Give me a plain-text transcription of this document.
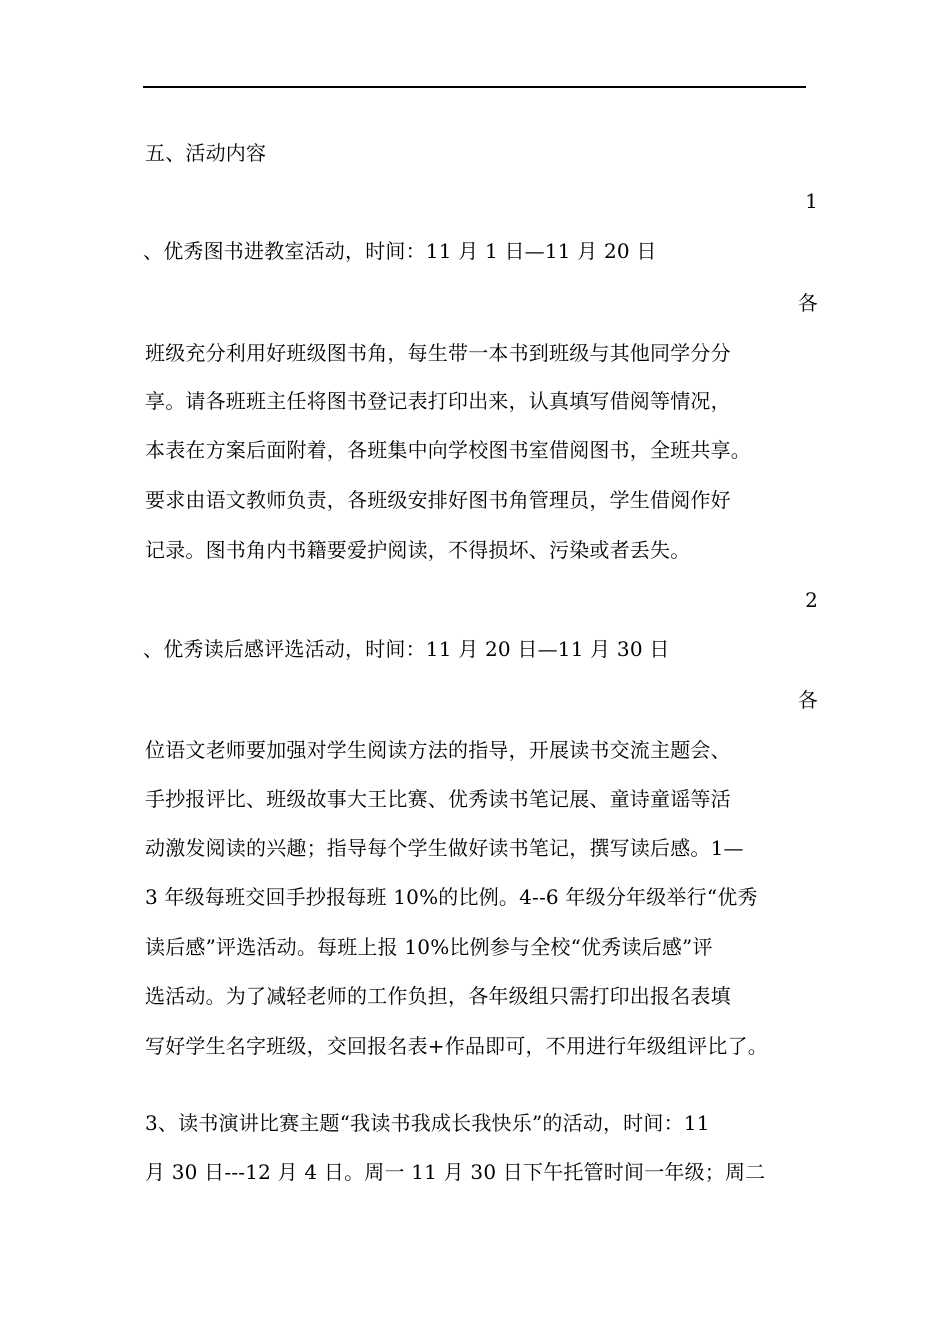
五、活动内容
1
、优秀图书进教室活动，时间：11 月 1 日—11 月 20 日
各
班级充分利用好班级图书角，每生带一本书到班级与其他同学分分
享。请各班班主任将图书登记表打印出来，认真填写借阅等情况，
本表在方案后面附着，各班集中向学校图书室借阅图书，全班共享。
要求由语文教师负责，各班级安排好图书角管理员，学生借阅作好
记录。图书角内书籍要爱护阅读，不得损坏、污染或者丢失。
2
、优秀读后感评选活动，时间：11 月 20 日—11 月 30 日
各
位语文老师要加强对学生阅读方法的指导，开展读书交流主题会、
手抄报评比、班级故事大王比赛、优秀读书笔记展、童诗童谣等活
动激发阅读的兴趣；指导每个学生做好读书笔记，撰写读后感。1—
3 年级每班交回手抄报每班 10%的比例。4--6 年级分年级举行“优秀
读后感”评选活动。每班上报 10%比例参与全校“优秀读后感”评
选活动。为了减轻老师的工作负担，各年级组只需打印出报名表填
写好学生名字班级，交回报名表+作品即可，不用进行年级组评比了。
3、读书演讲比赛主题“我读书我成长我快乐”的活动，时间：11
月 30 日---12 月 4 日。周一 11 月 30 日下午托管时间一年级；周二
